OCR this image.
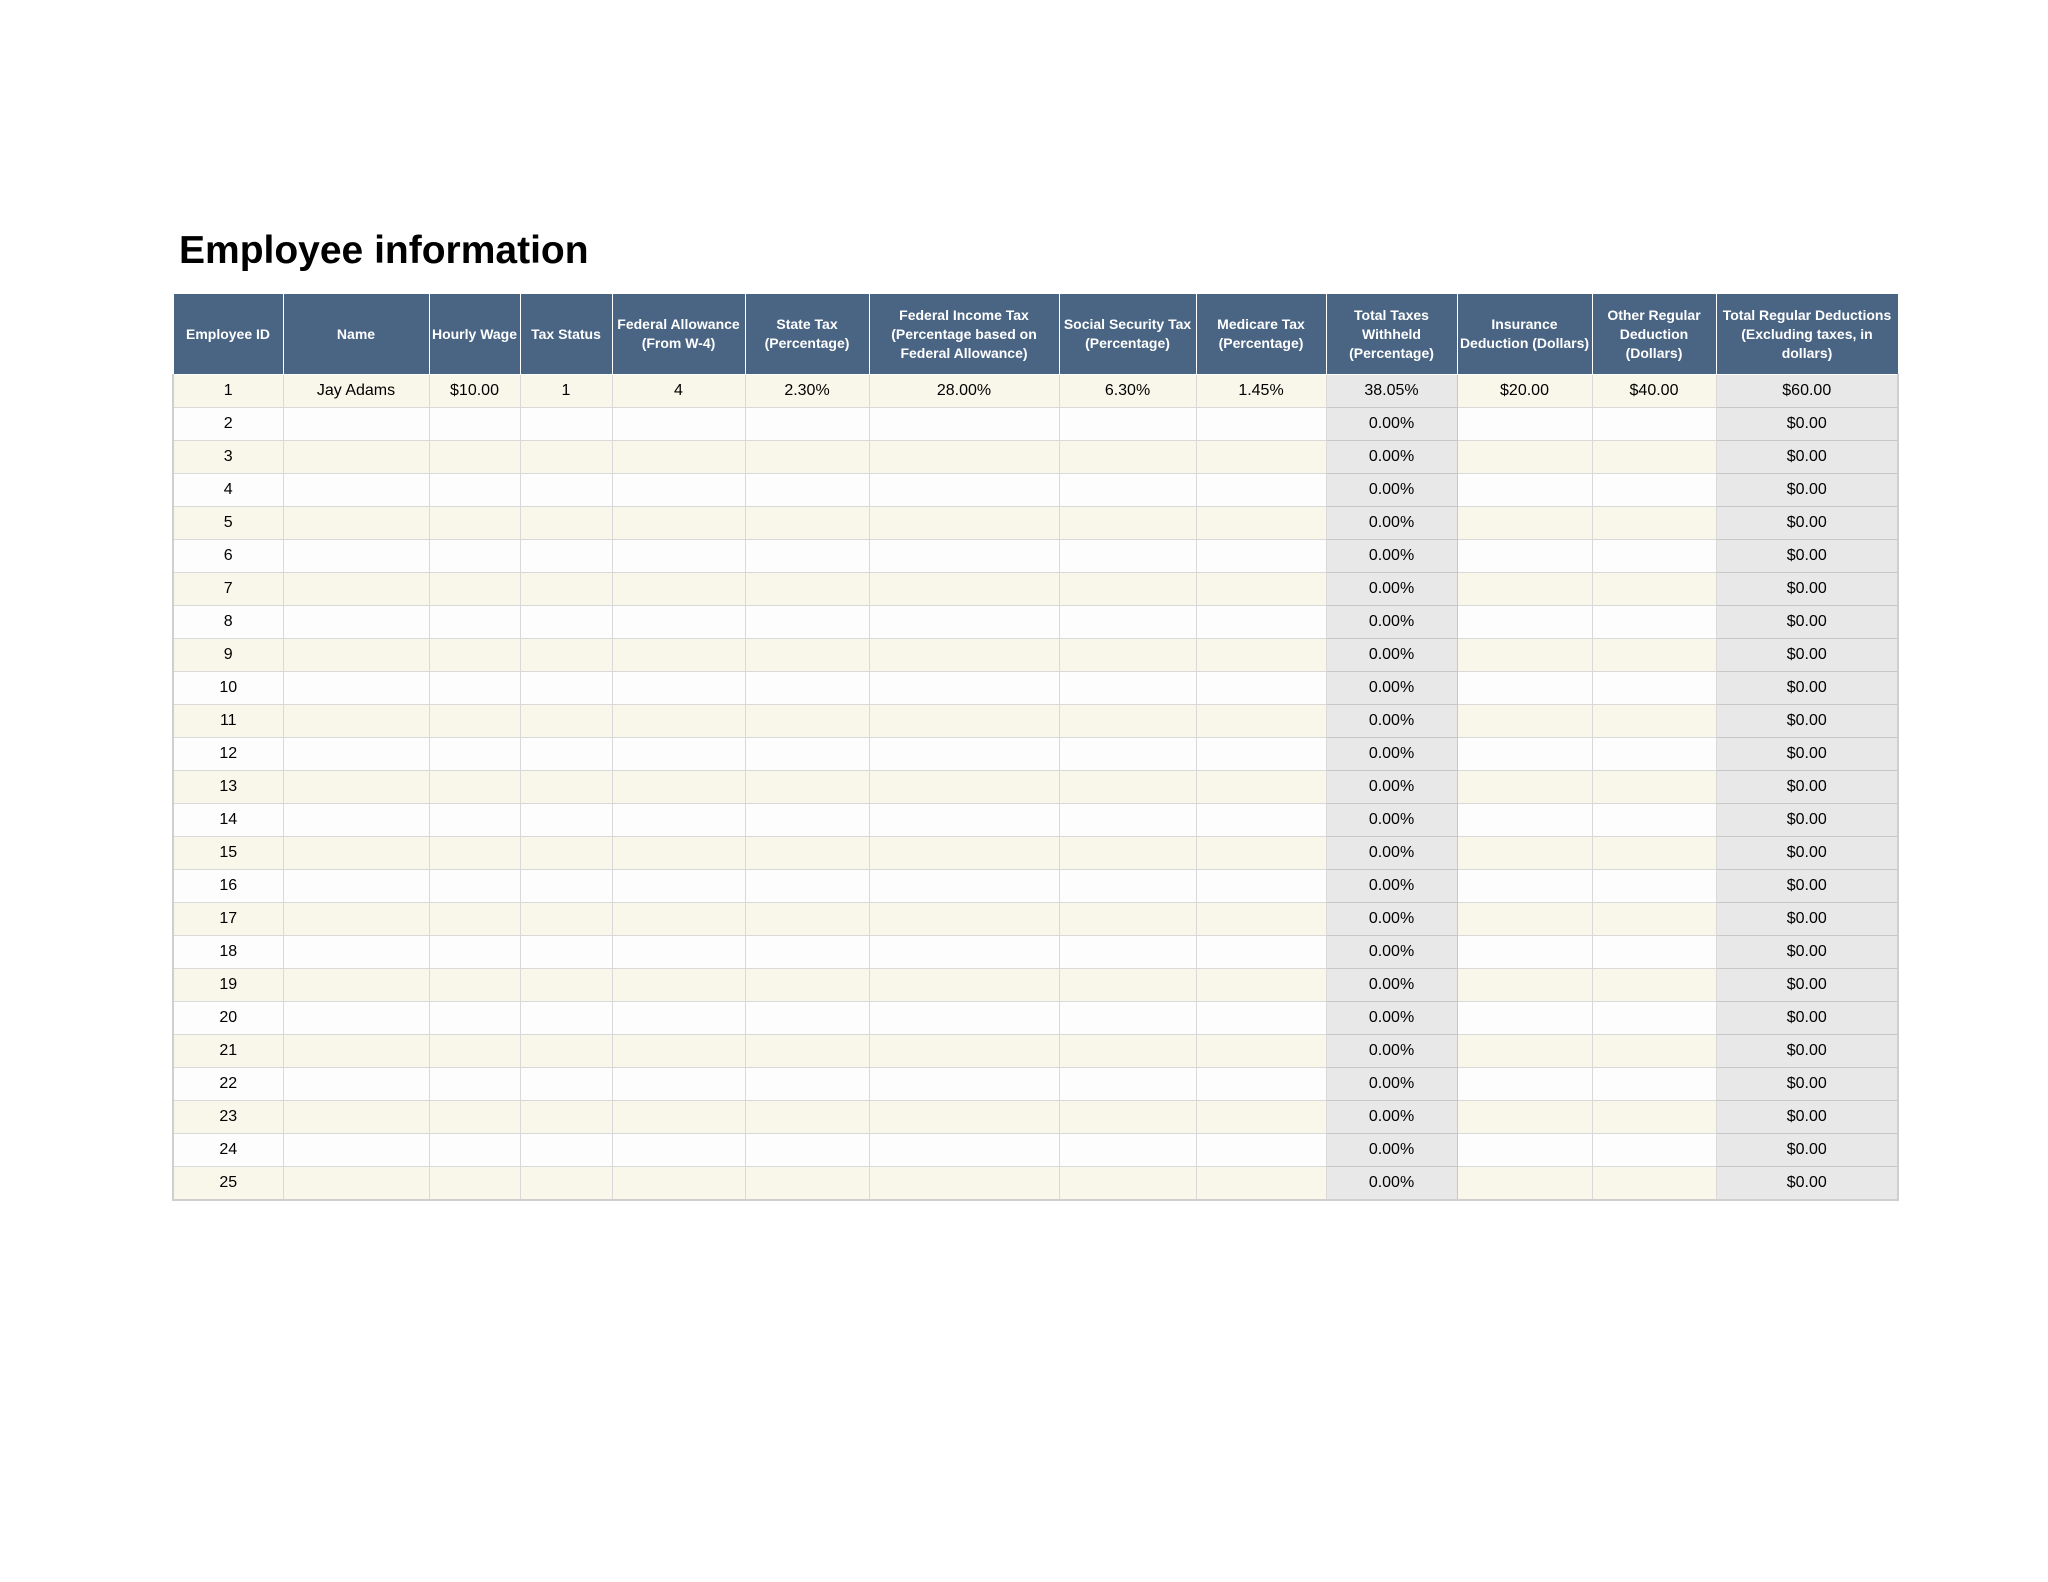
Employee information
Employee ID	Name	Hourly Wage	Tax Status	Federal Allowance (From W-4)	State Tax (Percentage)	Federal Income Tax (Percentage based on Federal Allowance)	Social Security Tax (Percentage)	Medicare Tax (Percentage)	Total Taxes Withheld (Percentage)	Insurance Deduction (Dollars)	Other Regular Deduction (Dollars)	Total Regular Deductions (Excluding taxes, in dollars)
1	Jay Adams	$10.00	1	4	2.30%	28.00%	6.30%	1.45%	38.05%	$20.00	$40.00	$60.00
2									0.00%			$0.00
3									0.00%			$0.00
4									0.00%			$0.00
5									0.00%			$0.00
6									0.00%			$0.00
7									0.00%			$0.00
8									0.00%			$0.00
9									0.00%			$0.00
10									0.00%			$0.00
11									0.00%			$0.00
12									0.00%			$0.00
13									0.00%			$0.00
14									0.00%			$0.00
15									0.00%			$0.00
16									0.00%			$0.00
17									0.00%			$0.00
18									0.00%			$0.00
19									0.00%			$0.00
20									0.00%			$0.00
21									0.00%			$0.00
22									0.00%			$0.00
23									0.00%			$0.00
24									0.00%			$0.00
25									0.00%			$0.00
